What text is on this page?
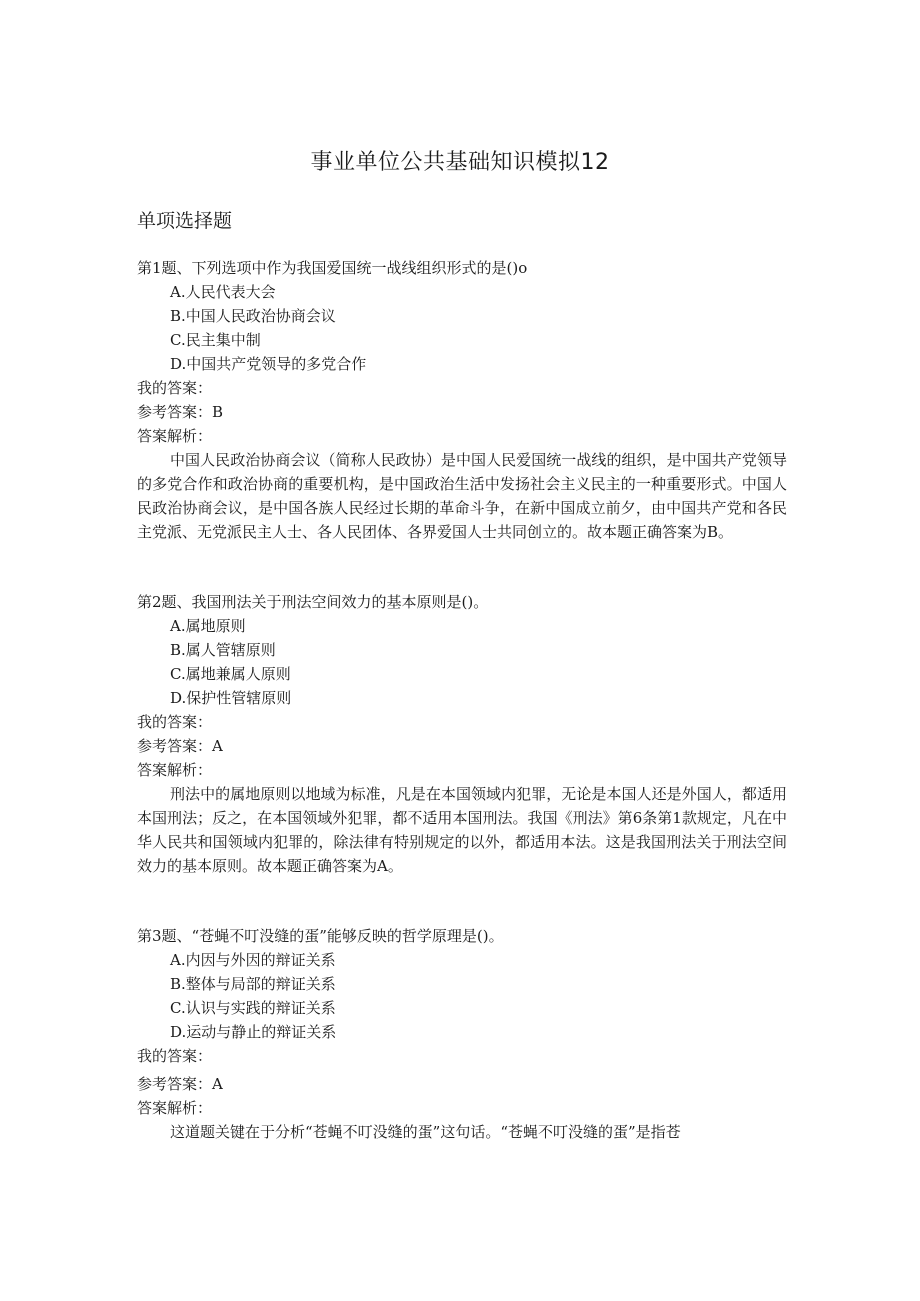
事业单位公共基础知识模拟12
单项选择题
第1题、下列选项中作为我国爱国统一战线组织形式的是()o
A.人民代表大会
B.中国人民政治协商会议
C.民主集中制
D.中国共产党领导的多党合作
我的答案：
参考答案：B
答案解析：

中国人民政治协商会议（简称人民政协）是中国人民爱国统一战线的组织，是中国共产党领导的多党合作和政治协商的重要机构，是中国政治生活中发扬社会主义民主的一种重要形式。中国人民政治协商会议，是中国各族人民经过长期的革命斗争，在新中国成立前夕，由中国共产党和各民主党派、无党派民主人士、各人民团体、各界爱国人士共同创立的。故本题正确答案为B。

第2题、我国刑法关于刑法空间效力的基本原则是()。
A.属地原则
B.属人管辖原则
C.属地兼属人原则
D.保护性管辖原则
我的答案：
参考答案：A
答案解析：

刑法中的属地原则以地域为标准，凡是在本国领域内犯罪，无论是本国人还是外国人，都适用本国刑法；反之，在本国领域外犯罪，都不适用本国刑法。我国《刑法》第6条第1款规定，凡在中华人民共和国领域内犯罪的，除法律有特别规定的以外，都适用本法。这是我国刑法关于刑法空间效力的基本原则。故本题正确答案为A。

第3题、“苍蝇不叮没缝的蛋”能够反映的哲学原理是()。
A.内因与外因的辩证关系
B.整体与局部的辩证关系
C.认识与实践的辩证关系
D.运动与静止的辩证关系
我的答案：
参考答案：A
答案解析：

这道题关键在于分析“苍蝇不叮没缝的蛋”这句话。“苍蝇不叮没缝的蛋”是指苍
